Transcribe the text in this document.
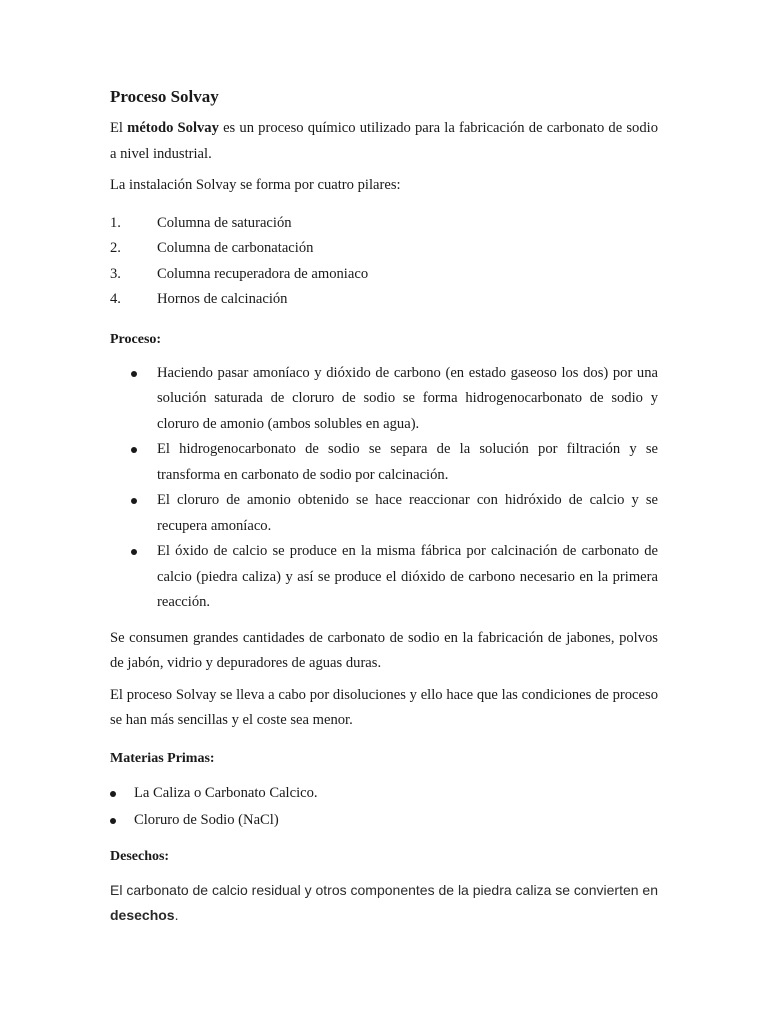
Proceso Solvay

El método Solvay es un proceso químico utilizado para la fabricación de carbonato de sodio a nivel industrial.

La instalación Solvay se forma por cuatro pilares:

1. Columna de saturación
2. Columna de carbonatación
3. Columna recuperadora de amoniaco
4. Hornos de calcinación
Proceso:
Haciendo pasar amoníaco y dióxido de carbono (en estado gaseoso los dos) por una solución saturada de cloruro de sodio se forma hidrogenocarbonato de sodio y cloruro de amonio (ambos solubles en agua).
El hidrogenocarbonato de sodio se separa de la solución por filtración y se transforma en carbonato de sodio por calcinación.
El cloruro de amonio obtenido se hace reaccionar con hidróxido de calcio y se recupera amoníaco.
El óxido de calcio se produce en la misma fábrica por calcinación de carbonato de calcio (piedra caliza) y así se produce el dióxido de carbono necesario en la primera reacción.

Se consumen grandes cantidades de carbonato de sodio en la fabricación de jabones, polvos de jabón, vidrio y depuradores de aguas duras.

El proceso Solvay se lleva a cabo por disoluciones y ello hace que las condiciones de proceso se han más sencillas y el coste sea menor.

Materias Primas:
La Caliza o Carbonato Calcico.
Cloruro de Sodio (NaCl)
Desechos:

El carbonato de calcio residual y otros componentes de la piedra caliza se convierten en desechos.
